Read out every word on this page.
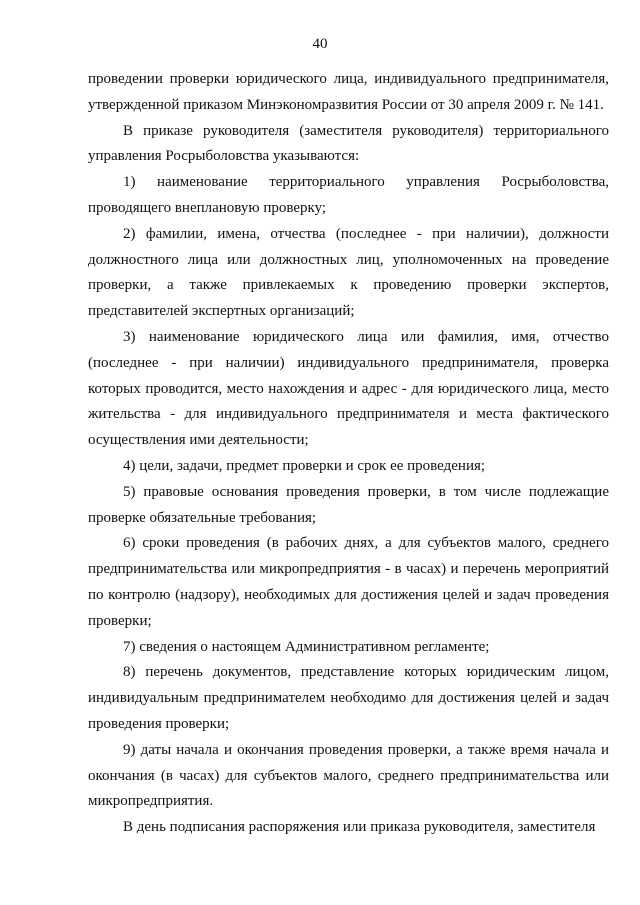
40

проведении проверки юридического лица, индивидуального предпринимателя, утвержденной приказом Минэкономразвития России от 30 апреля 2009 г. № 141.

В приказе руководителя (заместителя руководителя) территориального управления Росрыболовства указываются:

1) наименование территориального управления Росрыболовства, проводящего внеплановую проверку;

2) фамилии, имена, отчества (последнее - при наличии), должности должностного лица или должностных лиц, уполномоченных на проведение проверки, а также привлекаемых к проведению проверки экспертов, представителей экспертных организаций;

3) наименование юридического лица или фамилия, имя, отчество (последнее - при наличии) индивидуального предпринимателя, проверка которых проводится, место нахождения и адрес - для юридического лица, место жительства - для индивидуального предпринимателя и места фактического осуществления ими деятельности;

4) цели, задачи, предмет проверки и срок ее проведения;

5) правовые основания проведения проверки, в том числе подлежащие проверке обязательные требования;

6) сроки проведения (в рабочих днях, а для субъектов малого, среднего предпринимательства или микропредприятия - в часах) и перечень мероприятий по контролю (надзору), необходимых для достижения целей и задач проведения проверки;

7) сведения о настоящем Административном регламенте;

8) перечень документов, представление которых юридическим лицом, индивидуальным предпринимателем необходимо для достижения целей и задач проведения проверки;

9) даты начала и окончания проведения проверки, а также время начала и окончания (в часах) для субъектов малого, среднего предпринимательства или микропредприятия.

В день подписания распоряжения или приказа руководителя, заместителя
